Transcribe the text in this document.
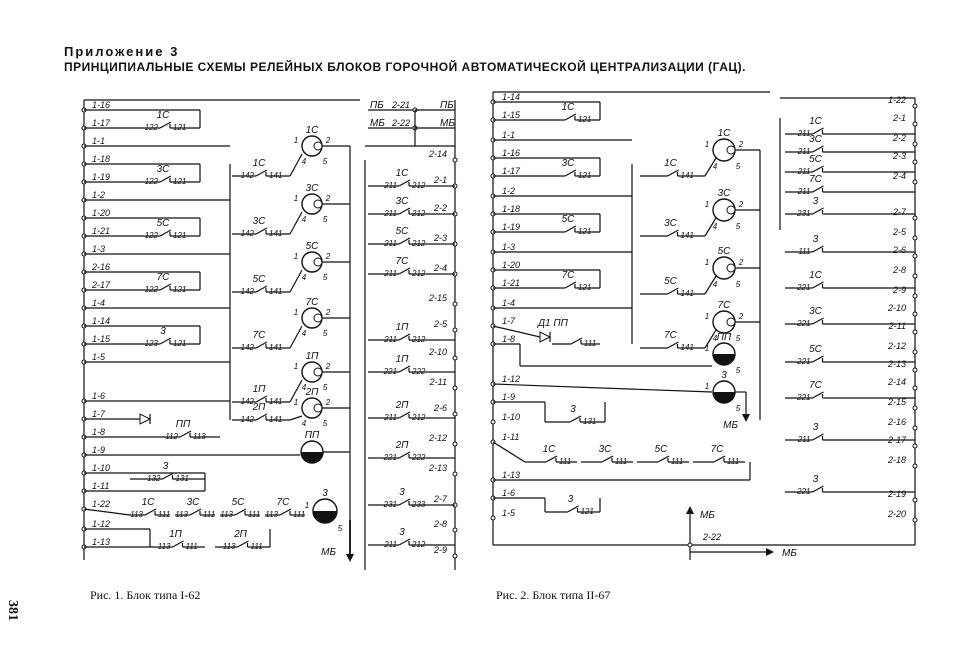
Приложение 3
ПРИНЦИПИАЛЬНЫЕ СХЕМЫ РЕЛЕЙНЫХ БЛОКОВ ГОРОЧНОЙ АВТОМАТИЧЕСКОЙ ЦЕНТРАЛИЗАЦИИ (ГАЦ).
1-16
1-17
1-1
1-18
1-19
1-2
1-20
1-21
1-3
2-16
2-17
1-4
1-14
1-15
1-5
1-6
1-7
1-8
1-9
1-10
1-11
1-22
1-12
1-13
1С
122 121
3С
122 121
5С
122 121
7С
122 121
3
123 121
1С
142 141
1С
1	2
4 5
3С
142 141
3С
1	2
4 5
5С
142 141
5С
1	2
4 5
7С
142 141
7С
1	2
4 5
1П
142 141
1П
1	2
4 5
2П
142 141
2П
1	2
4 5
ПП
112 113	ПП
3
132 131
1С
113 111
3С
113 111
5С
113 111
7С
113 111
3
1
5
1П
113 111
2П
113 111
МБ
ПБ 2-21	ПБ
МБ 2-22	МБ
2-14
2-1
2-2
2-3
2-4
2-15
2-5
2-10
2-11
2-6
2-12
2-13
2-7
2-8
2-9
1С
211 212
3С
211 212
5С
211 212
7С
211 212
1П
211 212
1П
221 222
2П
211 212
2П
221 222
3
231 233
3
211 212
1-14
1-15
1-1
1-16
1-17
1-2
1-18
1-19
1-3
1-20
1-21
1-4
1-7
1-8
1-12
1-9
1-10
1-11
1-13
1-6
1-5
1С
121
3С
121
5С
121
7С
121
1С
141
1С
1	2
4 5
3С
141
3С
1	2
4 5
5С
141
5С
1	2
4 5
7С
141
7С
1	2
4 5
Д1 ПП
111
ПП
1
5
3
1
5
МБ
3
131
1С
111
3С
111
5С
111
7С
111
3
121	МБ
2-22
МБ
1-22
2-1
2-2
2-3
2-4
2-7
2-5
2-6
2-8
2-9
2-10
2-11
2-12
2-13
2-14
2-15
2-16
2-17
2-18
2-19
2-20
1С
211
3С
211
5С
211
7С
211
3
231
3
111
1С
221
3С
221
5С
221
7С
221
3
211
3
221
Рис. 1. Блок типа I-62	Рис. 2. Блок типа II-67
381
